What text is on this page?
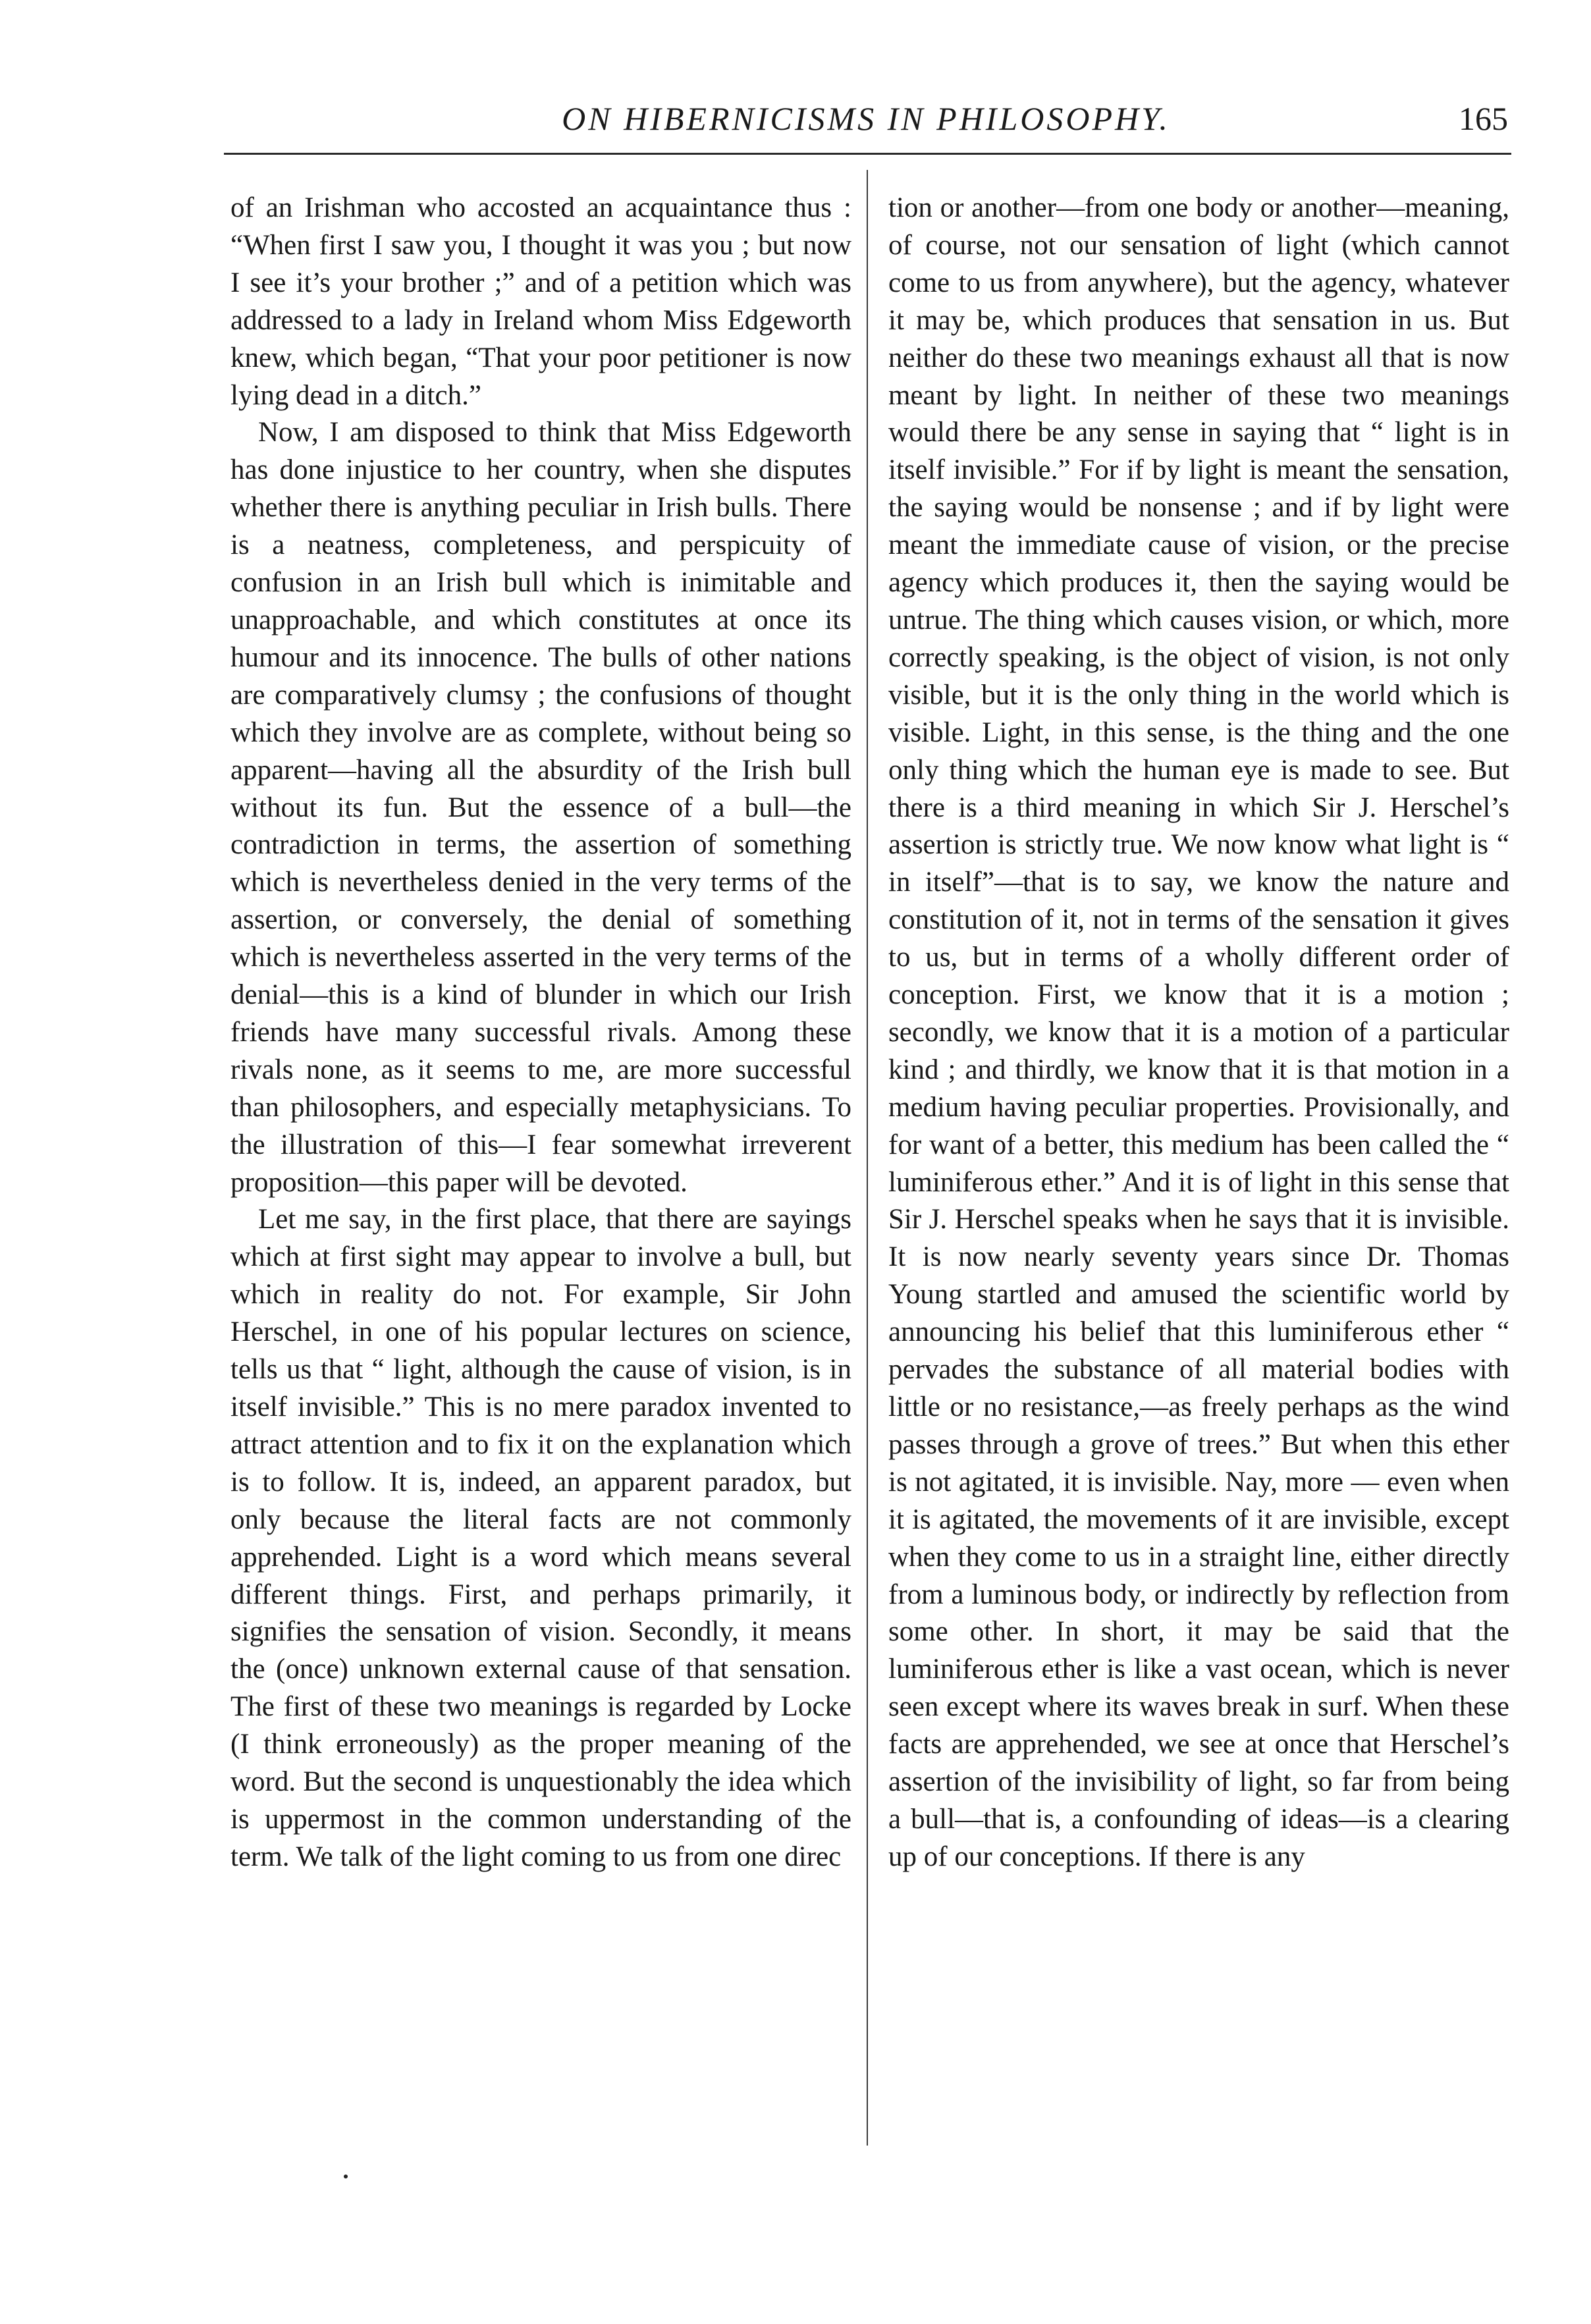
ON HIBERNICISMS IN PHILOSOPHY.	165

of an Irishman who accosted an acquaintance thus : “When first I saw you, I thought it was you ; but now I see it’s your brother ;” and of a petition which was addressed to a lady in Ireland whom Miss Edgeworth knew, which began, “That your poor petitioner is now lying dead in a ditch.”

Now, I am disposed to think that Miss Edgeworth has done injustice to her country, when she disputes whether there is anything peculiar in Irish bulls. There is a neatness, completeness, and perspicuity of confusion in an Irish bull which is inimitable and unapproachable, and which constitutes at once its humour and its innocence. The bulls of other nations are comparatively clumsy ; the confusions of thought which they involve are as complete, without being so apparent—having all the absurdity of the Irish bull without its fun. But the essence of a bull—the contradiction in terms, the assertion of something which is nevertheless denied in the very terms of the assertion, or conversely, the denial of something which is nevertheless asserted in the very terms of the denial—this is a kind of blunder in which our Irish friends have many successful rivals. Among these rivals none, as it seems to me, are more successful than philosophers, and especially metaphysicians. To the illustration of this—I fear somewhat irreverent proposition—this paper will be devoted.

Let me say, in the first place, that there are sayings which at first sight may appear to involve a bull, but which in reality do not. For example, Sir John Herschel, in one of his popular lectures on science, tells us that “ light, although the cause of vision, is in itself invisible.” This is no mere paradox invented to attract attention and to fix it on the explanation which is to follow. It is, indeed, an apparent paradox, but only because the literal facts are not commonly apprehended. Light is a word which means several different things. First, and perhaps primarily, it signifies the sensation of vision. Secondly, it means the (once) unknown external cause of that sensation. The first of these two meanings is regarded by Locke (I think erroneously) as the proper meaning of the word. But the second is unquestionably the idea which is uppermost in the common understanding of the term. We talk of the light coming to us from one direc

tion or another—from one body or another—meaning, of course, not our sensation of light (which cannot come to us from anywhere), but the agency, whatever it may be, which produces that sensation in us. But neither do these two meanings exhaust all that is now meant by light. In neither of these two meanings would there be any sense in saying that “ light is in itself invisible.” For if by light is meant the sensation, the saying would be nonsense ; and if by light were meant the immediate cause of vision, or the precise agency which produces it, then the saying would be untrue. The thing which causes vision, or which, more correctly speaking, is the object of vision, is not only visible, but it is the only thing in the world which is visible. Light, in this sense, is the thing and the one only thing which the human eye is made to see. But there is a third meaning in which Sir J. Herschel’s assertion is strictly true. We now know what light is “ in itself”—that is to say, we know the nature and constitution of it, not in terms of the sensation it gives to us, but in terms of a wholly different order of conception. First, we know that it is a motion ; secondly, we know that it is a motion of a particular kind ; and thirdly, we know that it is that motion in a medium having peculiar properties. Provisionally, and for want of a better, this medium has been called the “ luminiferous ether.” And it is of light in this sense that Sir J. Herschel speaks when he says that it is invisible. It is now nearly seventy years since Dr. Thomas Young startled and amused the scientific world by announcing his belief that this luminiferous ether “ pervades the substance of all material bodies with little or no resistance,—as freely perhaps as the wind passes through a grove of trees.” But when this ether is not agitated, it is invisible. Nay, more — even when it is agitated, the movements of it are invisible, except when they come to us in a straight line, either directly from a luminous body, or indirectly by reflection from some other. In short, it may be said that the luminiferous ether is like a vast ocean, which is never seen except where its waves break in surf. When these facts are apprehended, we see at once that Herschel’s assertion of the invisibility of light, so far from being a bull—that is, a confounding of ideas—is a clearing up of our conceptions. If there is any
